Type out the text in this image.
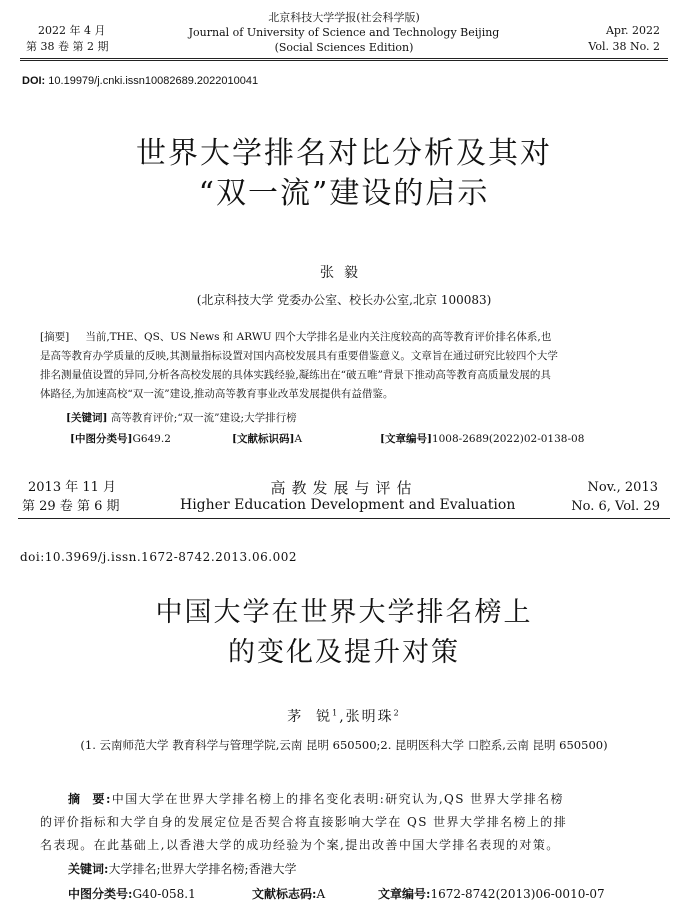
2022 年 4 月
第 38 卷 第 2 期
北京科技大学学报(社会科学版)
Journal of University of Science and Technology Beijing
(Social Sciences Edition)
Apr. 2022
Vol. 38 No. 2
DOI: 10.19979/j.cnki.issn10082689.2022010041
世界大学排名对比分析及其对
“双一流”建设的启示
张毅
(北京科技大学 党委办公室、校长办公室,北京 100083)
[摘要] 当前,THE、QS、US News 和 ARWU 四个大学排名是业内关注度较高的高等教育评价排名体系,也
是高等教育办学质量的反映,其测量指标设置对国内高校发展具有重要借鉴意义。文章旨在通过研究比较四个大学
排名测量值设置的异同,分析各高校发展的具体实践经验,凝练出在“破五唯”背景下推动高等教育高质量发展的具
体路径,为加速高校“双一流”建设,推动高等教育事业改革发展提供有益借鉴。
[关键词] 高等教育评价;“双一流”建设;大学排行榜
[中图分类号]G649.2	[文献标识码]A	[文章编号]1008-2689(2022)02-0138-08
2013 年 11 月
第 29 卷 第 6 期
高教发展与评估
Higher Education Development and Evaluation
Nov., 2013
No. 6, Vol. 29
doi:10.3969/j.issn.1672-8742.2013.06.002
中国大学在世界大学排名榜上
的变化及提升对策
茅  锐$^1$,张明珠$^2$
(1. 云南师范大学 教育科学与管理学院,云南 昆明 650500;2. 昆明医科大学 口腔系,云南 昆明 650500)
摘  要:中国大学在世界大学排名榜上的排名变化表明:研究认为,QS 世界大学排名榜
的评价指标和大学自身的发展定位是否契合将直接影响大学在 QS 世界大学排名榜上的排
名表现。在此基础上,以香港大学的成功经验为个案,提出改善中国大学排名表现的对策。
关键词:大学排名;世界大学排名榜;香港大学
中图分类号:G40-058.1	文献标志码:A	文章编号:1672-8742(2013)06-0010-07
